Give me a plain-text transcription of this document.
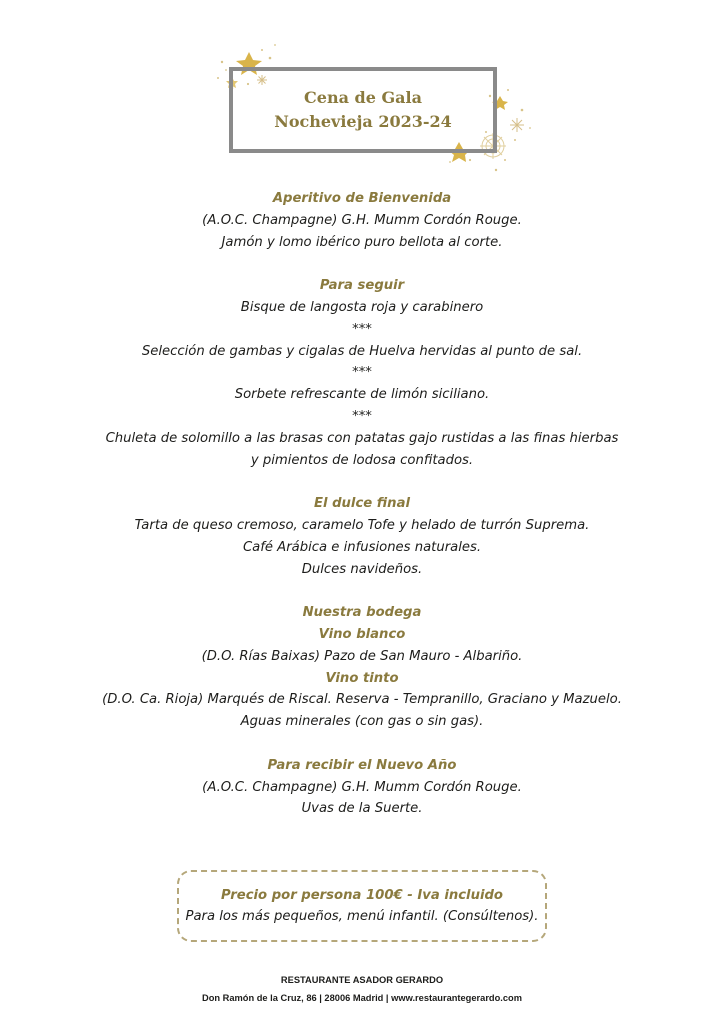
Cena de Gala
Nochevieja 2023-24
Aperitivo de Bienvenida
(A.O.C. Champagne) G.H. Mumm Cordón Rouge.
Jamón y lomo ibérico puro bellota al corte.
Para seguir
Bisque de langosta roja y carabinero
***
Selección de gambas y cigalas de Huelva hervidas al punto de sal.
***
Sorbete refrescante de limón siciliano.
***
Chuleta de solomillo a las brasas con patatas gajo rustidas a las finas hierbas
y pimientos de lodosa confitados.
El dulce final
Tarta de queso cremoso, caramelo Tofe y helado de turrón Suprema.
Café Arábica e infusiones naturales.
Dulces navideños.
Nuestra bodega
Vino blanco
(D.O. Rías Baixas) Pazo de San Mauro - Albariño.
Vino tinto
(D.O. Ca. Rioja) Marqués de Riscal. Reserva - Tempranillo, Graciano y Mazuelo.
Aguas minerales (con gas o sin gas).
Para recibir el Nuevo Año
(A.O.C. Champagne) G.H. Mumm Cordón Rouge.
Uvas de la Suerte.
Precio por persona 100€ - Iva incluido
Para los más pequeños, menú infantil. (Consúltenos).
RESTAURANTE ASADOR GERARDO
Don Ramón de la Cruz, 86 | 28006 Madrid | www.restaurantegerardo.com
